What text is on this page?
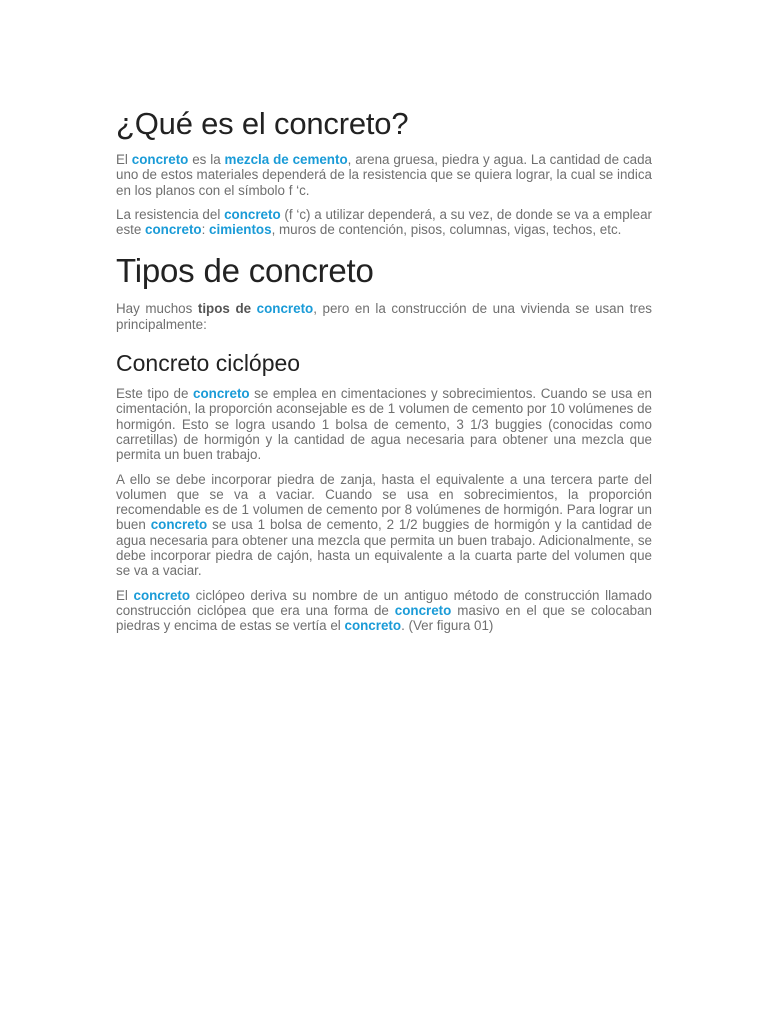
¿Qué es el concreto?

El concreto es la mezcla de cemento, arena gruesa, piedra y agua. La cantidad de cada uno de estos materiales dependerá de la resistencia que se quiera lograr, la cual se indica en los planos con el símbolo f ‘c.

La resistencia del concreto (f ‘c) a utilizar dependerá, a su vez, de donde se va a emplear este concreto: cimientos, muros de contención, pisos, columnas, vigas, techos, etc.

Tipos de concreto

Hay muchos tipos de concreto, pero en la construcción de una vivienda se usan tres principalmente:

Concreto ciclópeo

Este tipo de concreto se emplea en cimentaciones y sobrecimientos. Cuando se usa en cimentación, la proporción aconsejable es de 1 volumen de cemento por 10 volúmenes de hormigón. Esto se logra usando 1 bolsa de cemento, 3 1/3 buggies (conocidas como carretillas) de hormigón y la cantidad de agua necesaria para obtener una mezcla que permita un buen trabajo.

A ello se debe incorporar piedra de zanja, hasta el equivalente a una tercera parte del volumen que se va a vaciar. Cuando se usa en sobrecimientos, la proporción recomendable es de 1 volumen de cemento por 8 volúmenes de hormigón. Para lograr un buen concreto se usa 1 bolsa de cemento, 2 1/2 buggies de hormigón y la cantidad de agua necesaria para obtener una mezcla que permita un buen trabajo. Adicionalmente, se debe incorporar piedra de cajón, hasta un equivalente a la cuarta parte del volumen que se va a vaciar.

El concreto ciclópeo deriva su nombre de un antiguo método de construcción llamado construcción ciclópea que era una forma de concreto masivo en el que se colocaban piedras y encima de estas se vertía el concreto. (Ver figura 01)
